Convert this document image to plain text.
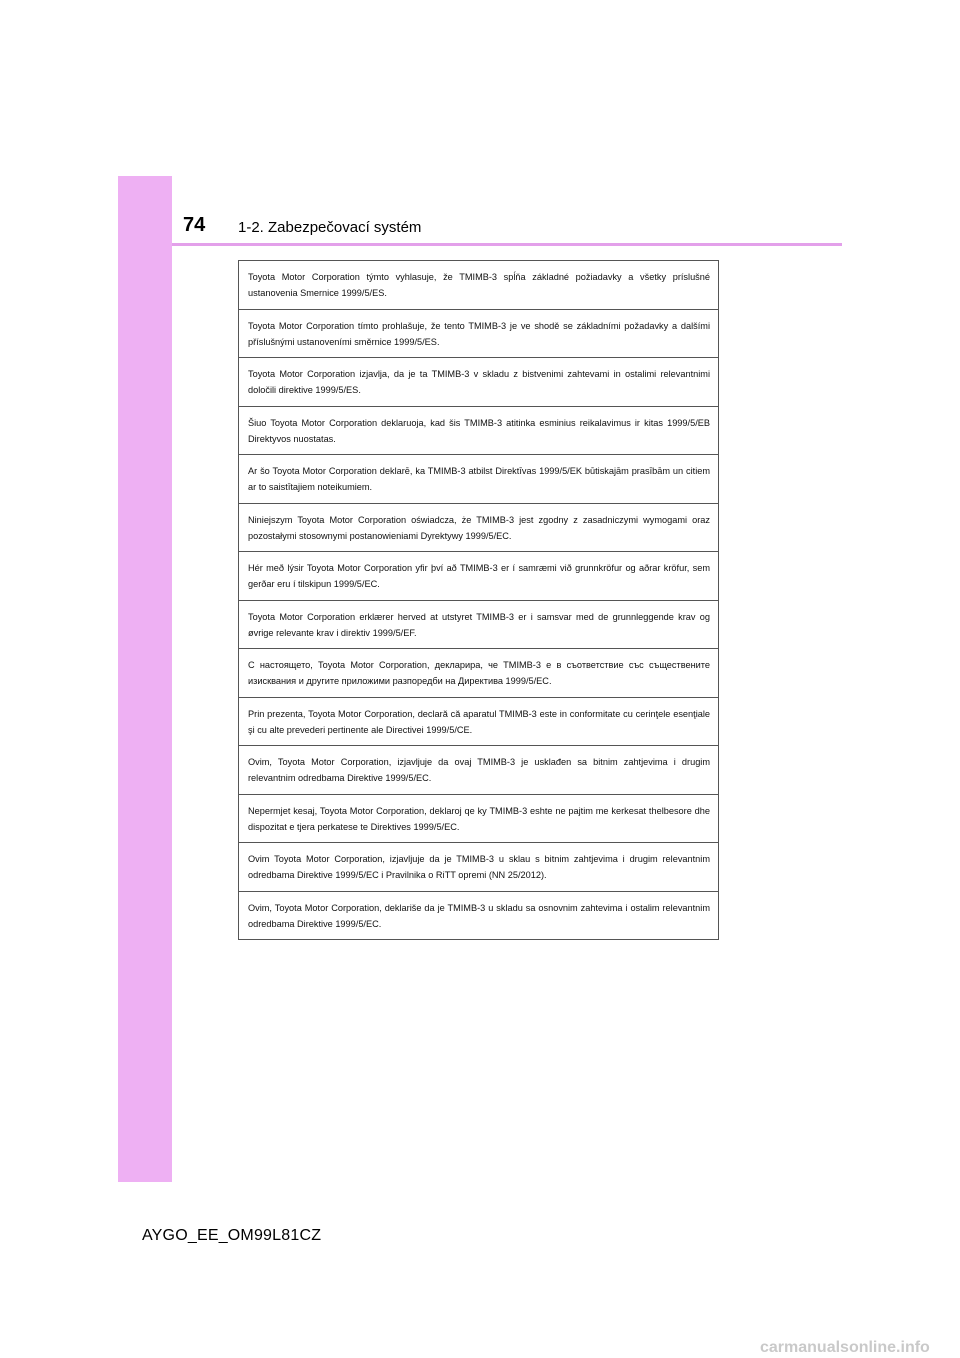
74 1-2. Zabezpečovací systém
Toyota Motor Corporation týmto vyhlasuje, že TMIMB-3 spĺňa základné požiadavky a všetky príslušné ustanovenia Smernice 1999/5/ES.
Toyota Motor Corporation tímto prohlašuje, že tento TMIMB-3 je ve shodě se základními požadavky a dalšími příslušnými ustanoveními směrnice 1999/5/ES.
Toyota Motor Corporation izjavlja, da je ta TMIMB-3 v skladu z bistvenimi zahtevami in ostalimi relevantnimi določili direktive 1999/5/ES.
Šiuo Toyota Motor Corporation deklaruoja, kad šis TMIMB-3 atitinka esminius reikalavimus ir kitas 1999/5/EB Direktyvos nuostatas.
Ar šo Toyota Motor Corporation deklarē, ka TMIMB-3 atbilst Direktīvas 1999/5/EK būtiskajām prasībām un citiem ar to saistītajiem noteikumiem.
Niniejszym Toyota Motor Corporation oświadcza, że TMIMB-3 jest zgodny z zasadniczymi wymogami oraz pozostałymi stosownymi postanowieniami Dyrektywy 1999/5/EC.
Hér með lýsir Toyota Motor Corporation yfir því að TMIMB-3 er í samræmi við grunnkröfur og aðrar kröfur, sem gerðar eru í tilskipun 1999/5/EC.
Toyota Motor Corporation erklærer herved at utstyret TMIMB-3 er i samsvar med de grunnleggende krav og øvrige relevante krav i direktiv 1999/5/EF.
С настоящето, Toyota Motor Corporation, декларира, че TMIMB-3 е в съответствие със съществените изисквания и другите приложими разпоредби на Директива 1999/5/ЕС.
Prin prezenta, Toyota Motor Corporation, declară că aparatul TMIMB-3 este in conformitate cu cerinţele esenţiale şi cu alte prevederi pertinente ale Directivei 1999/5/CE.
Ovim, Toyota Motor Corporation, izjavljuje da ovaj TMIMB-3 je usklađen sa bitnim zahtjevima i drugim relevantnim odredbama Direktive 1999/5/EC.
Nepermjet kesaj, Toyota Motor Corporation, deklaroj qe ky TMIMB-3 eshte ne pajtim me kerkesat thelbesore dhe dispozitat e tjera perkatese te Direktives 1999/5/EC.
Ovim Toyota Motor Corporation, izjavljuje da je TMIMB-3 u sklau s bitnim zahtjevima i drugim relevantnim odredbama Direktive 1999/5/EC i Pravilnika o RiTT opremi (NN 25/2012).
Ovim, Toyota Motor Corporation, deklariše da je TMIMB-3 u skladu sa osnovnim zahtevima i ostalim relevantnim odredbama Direktive 1999/5/EC.
AYGO_EE_OM99L81CZ
carmanualsonline.info
